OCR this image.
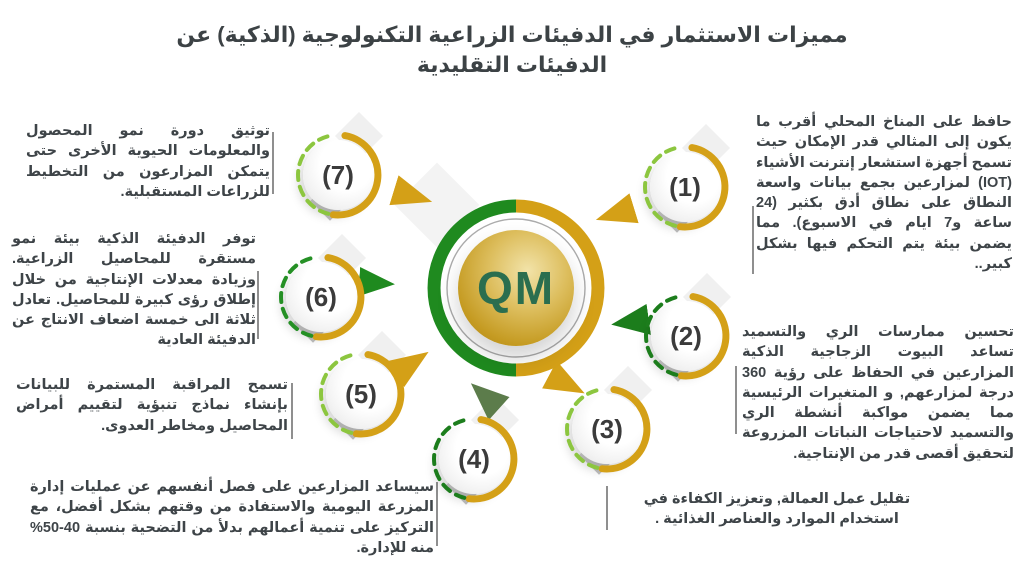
مميزات الاستثمار في الدفيئات الزراعية التكنولوجية (الذكية) عن الدفيئات التقليدية
QM
(1)
(2)
(3)
(4)
(5)
(6)
(7)

حافظ على المناخ المحلي أقرب ما يكون إلى المثالي قدر الإمكان حيث تسمح أجهزة استشعار إنترنت الأشياء (IOT) لمزارعين بجمع بيانات واسعة النطاق على نطاق أدق بكثير (24 ساعة و7 ايام في الاسبوع). مما يضمن بيئة يتم التحكم فيها بشكل كبير..

تحسين ممارسات الري والتسميد تساعد البيوت الزجاجية الذكية المزارعين في الحفاظ على رؤية 360 درجة لمزارعهم, و المتغيرات الرئيسية مما يضمن مواكبة أنشطة الري والتسميد لاحتياجات النباتات المزروعة لتحقيق أقصى قدر من الإنتاجية.

تقليل عمل العمالة, وتعزيز الكفاءة في استخدام الموارد والعناصر الغذائية .

سيساعد المزارعين على فصل أنفسهم عن عمليات إدارة المزرعة اليومية والاستفادة من وقتهم بشكل أفضل، مع التركيز على تنمية أعمالهم بدلأ من التضحية بنسبة 40-50% منه للإدارة.

تسمح المراقبة المستمرة للبيانات بإنشاء نماذج تنبؤية لتقييم أمراض المحاصيل ومخاطر العدوى.

توفر الدفيئة الذكية بيئة نمو مستقرة للمحاصيل الزراعية. وزيادة معدلات الإنتاجية من خلال إطلاق رؤى كبيرة للمحاصيل. تعادل ثلاثة الى خمسة اضعاف الانتاج عن الدفيئة العادية

توثيق دورة نمو المحصول والمعلومات الحيوية الأخرى حتى يتمكن المزارعون من التخطيط للزراعات المستقبلية.
